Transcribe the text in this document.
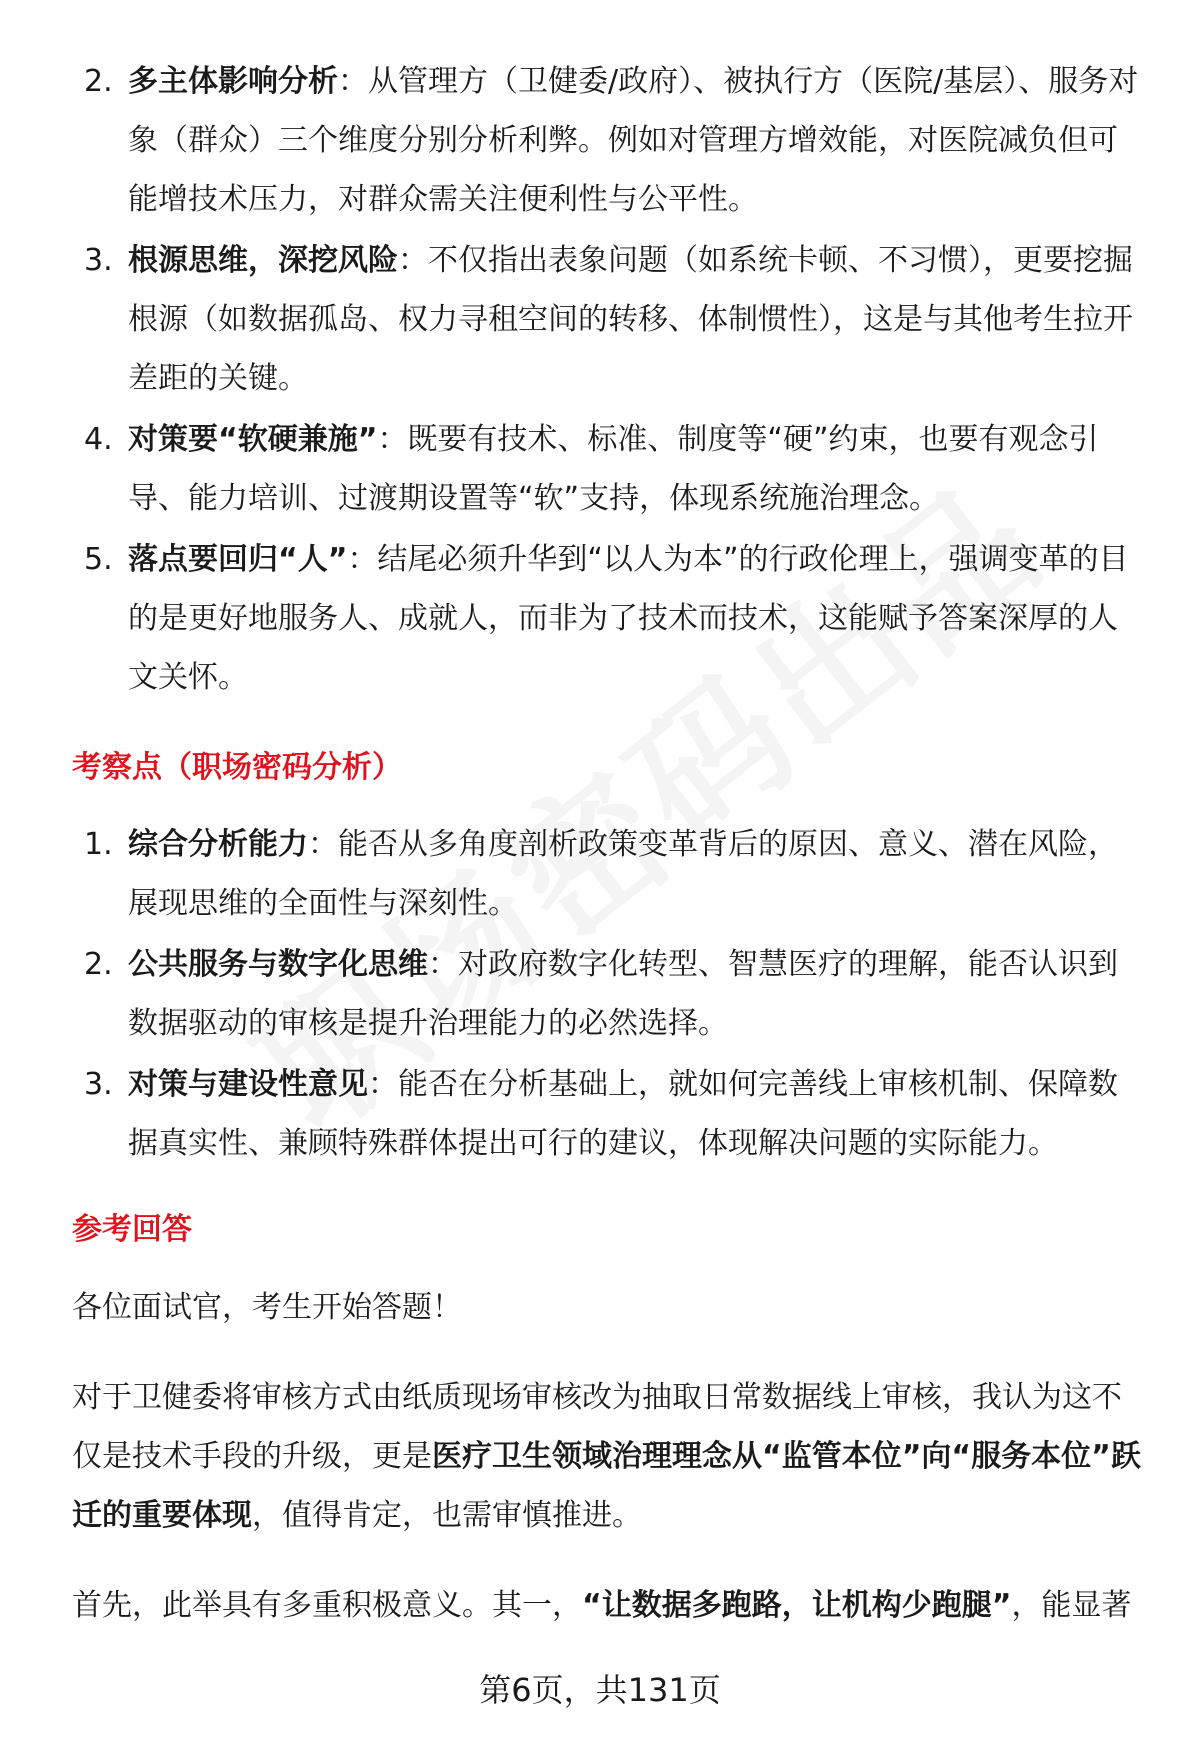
2. 多主体影响分析：从管理方（卫健委/政府）、被执行方（医院/基层）、服务对象（群众）三个维度分别分析利弊。例如对管理方增效能，对医院减负但可能增技术压力，对群众需关注便利性与公平性。
3. 根源思维，深挖风险：不仅指出表象问题（如系统卡顿、不习惯），更要挖掘根源（如数据孤岛、权力寻租空间的转移、体制惯性），这是与其他考生拉开差距的关键。
4. 对策要“软硬兼施”：既要有技术、标准、制度等“硬”约束，也要有观念引导、能力培训、过渡期设置等“软”支持，体现系统施治理念。
5. 落点要回归“人”：结尾必须升华到“以人为本”的行政伦理上，强调变革的目的是更好地服务人、成就人，而非为了技术而技术，这能赋予答案深厚的人文关怀。
考察点（职场密码分析）
1. 综合分析能力：能否从多角度剖析政策变革背后的原因、意义、潜在风险，展现思维的全面性与深刻性。
2. 公共服务与数字化思维：对政府数字化转型、智慧医疗的理解，能否认识到数据驱动的审核是提升治理能力的必然选择。
3. 对策与建设性意见：能否在分析基础上，就如何完善线上审核机制、保障数据真实性、兼顾特殊群体提出可行的建议，体现解决问题的实际能力。
参考回答

各位面试官，考生开始答题！

对于卫健委将审核方式由纸质现场审核改为抽取日常数据线上审核，我认为这不仅是技术手段的升级，更是医疗卫生领域治理理念从“监管本位”向“服务本位”跃迁的重要体现，值得肯定，也需审慎推进。

首先，此举具有多重积极意义。其一，“让数据多跑路，让机构少跑腿”，能显著

第6页，共131页
